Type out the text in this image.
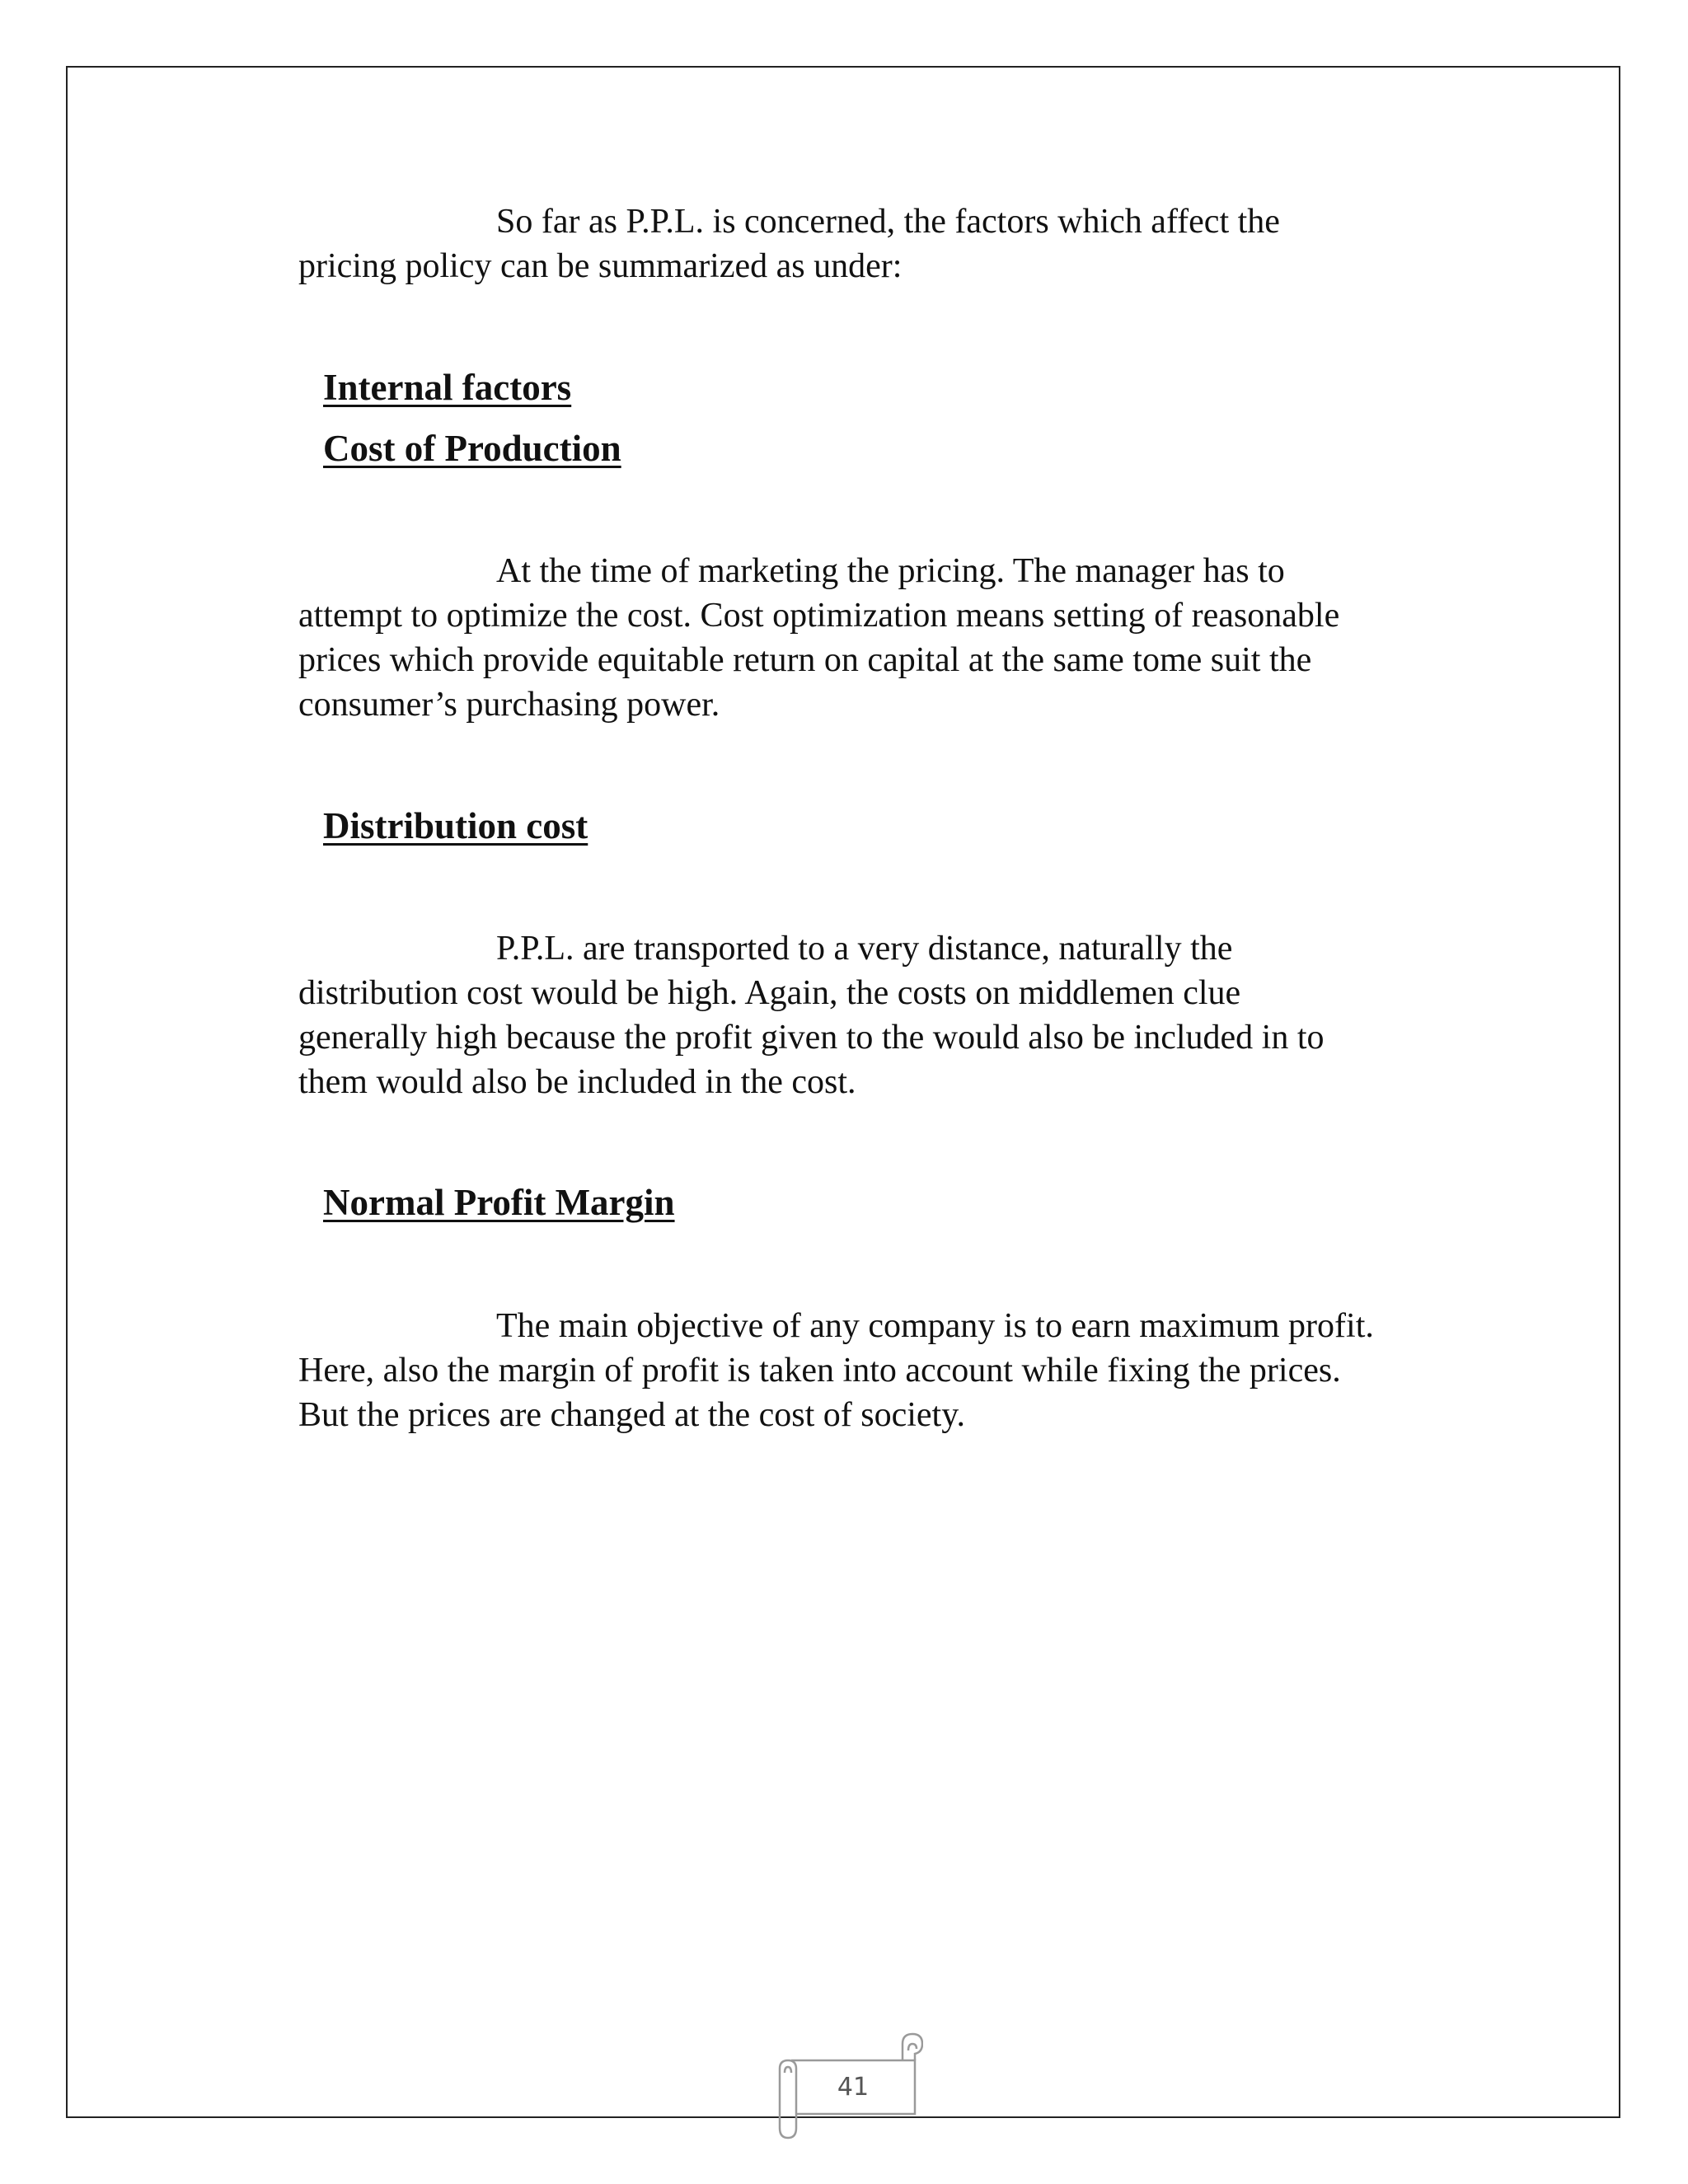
So far as P.P.L. is concerned, the factors which affect the
pricing policy can be summarized as under:

Internal factors
Cost of Production

At the time of marketing the pricing. The manager has to
attempt to optimize the cost. Cost optimization means setting of reasonable
prices which provide equitable return on capital at the same tome suit the
consumer’s purchasing power.

Distribution cost

P.P.L. are transported to a very distance, naturally the
distribution cost would be high. Again, the costs on middlemen clue
generally high because the profit given to the would also be included in to
them would also be included in the cost.

Normal Profit Margin

The main objective of any company is to earn maximum profit.
Here, also the margin of profit is taken into account while fixing the prices.
But the prices are changed at the cost of society.

41
